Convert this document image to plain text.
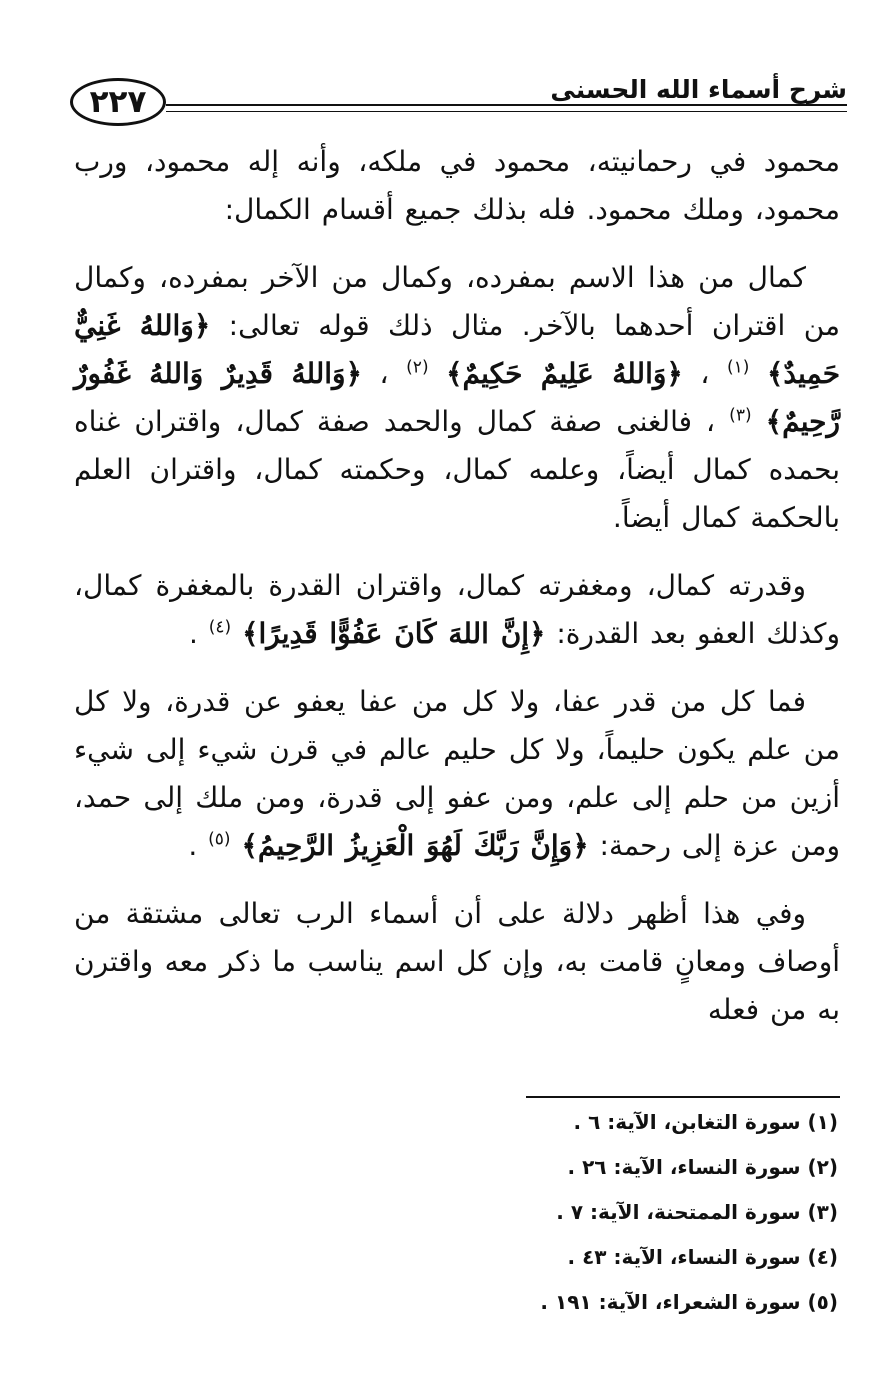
٢٢٧	شرح أسماء الله الحسنى

محمود في رحمانيته، محمود في ملكه، وأنه إله محمود، ورب محمود، وملك محمود. فله بذلك جميع أقسام الكمال:

كمال من هذا الاسم بمفرده، وكمال من الآخر بمفرده، وكمال من اقتران أحدهما بالآخر. مثال ذلك قوله تعالى: ﴿وَاللهُ غَنِيٌّ حَمِيدٌ﴾ $^{(١)}$ ، ﴿وَاللهُ عَلِيمٌ حَكِيمٌ﴾ $^{(٢)}$ ، ﴿وَاللهُ قَدِيرٌ وَاللهُ غَفُورٌ رَّحِيمٌ﴾ $^{(٣)}$ ، فالغنى صفة كمال والحمد صفة كمال، واقتران غناه بحمده كمال أيضاً، وعلمه كمال، وحكمته كمال، واقتران العلم بالحكمة كمال أيضاً.

وقدرته كمال، ومغفرته كمال، واقتران القدرة بالمغفرة كمال، وكذلك العفو بعد القدرة: ﴿إِنَّ اللهَ كَانَ عَفُوًّا قَدِيرًا﴾ $^{(٤)}$ .

فما كل من قدر عفا، ولا كل من عفا يعفو عن قدرة، ولا كل من علم يكون حليماً، ولا كل حليم عالم في قرن شيء إلى شيء أزين من حلم إلى علم، ومن عفو إلى قدرة، ومن ملك إلى حمد، ومن عزة إلى رحمة: ﴿وَإِنَّ رَبَّكَ لَهُوَ الْعَزِيزُ الرَّحِيمُ﴾ $^{(٥)}$ .

وفي هذا أظهر دلالة على أن أسماء الرب تعالى مشتقة من أوصاف ومعانٍ قامت به، وإن كل اسم يناسب ما ذكر معه واقترن به من فعله

(١) سورة التغابن، الآية: ٦ .
(٢) سورة النساء، الآية: ٢٦ .
(٣) سورة الممتحنة، الآية: ٧ .
(٤) سورة النساء، الآية: ٤٣ .
(٥) سورة الشعراء، الآية: ١٩١ .
